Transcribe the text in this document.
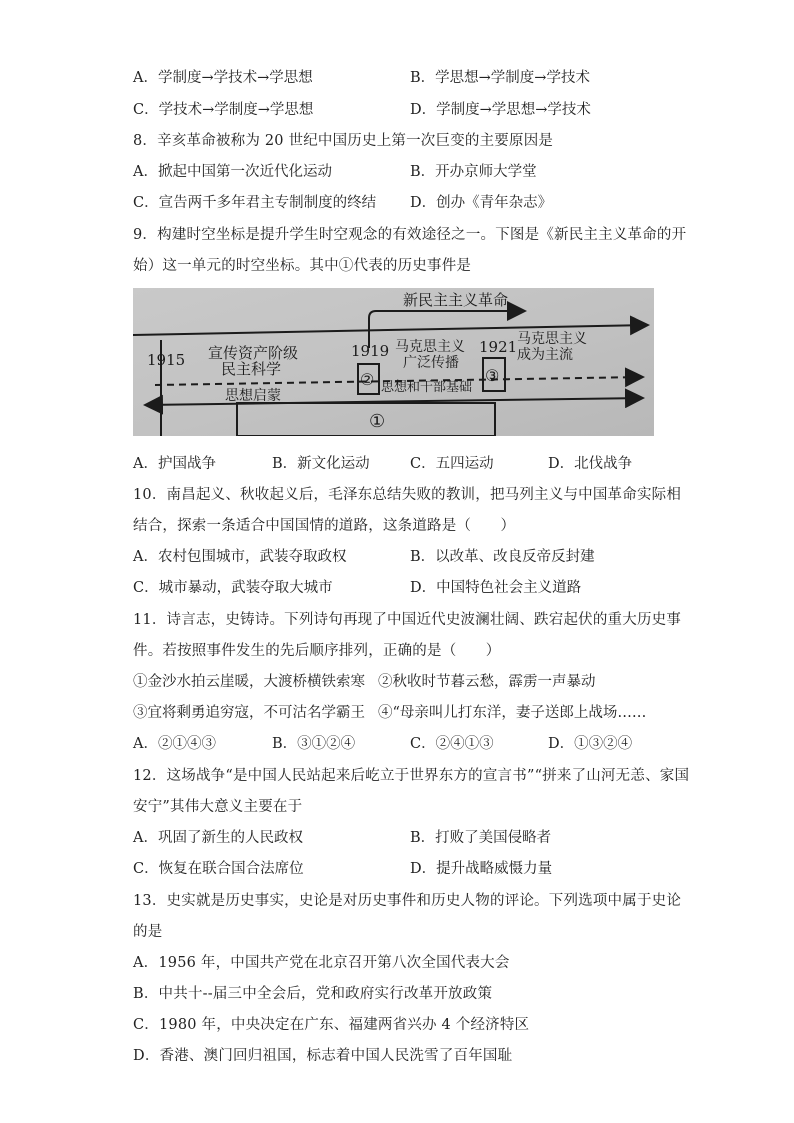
A．学制度→学技术→学思想	B．学思想→学制度→学技术
C．学技术→学制度→学思想	D．学制度→学思想→学技术
8．辛亥革命被称为 20 世纪中国历史上第一次巨变的主要原因是
A．掀起中国第一次近代化运动	B．开办京师大学堂
C．宣告两千多年君主专制制度的终结 D．创办《青年杂志》
9．构建时空坐标是提升学生时空观念的有效途径之一。下图是《新民主主义革命的开
始）这一单元的时空坐标。其中①代表的历史事件是
新民主主义革命
1915 宣传资产阶级
民主科学
1919 马克思主义
广泛传播
1921 马克思主义
成为主流
②	③
思想和干部基础
思想启蒙
①
A．护国战争	B．新文化运动	C．五四运动	D．北伐战争
10．南昌起义、秋收起义后，毛泽东总结失败的教训，把马列主义与中国革命实际相
结合，探索一条适合中国国情的道路，这条道路是（　　）
A．农村包围城市，武装夺取政权	B．以改革、改良反帝反封建
C．城市暴动，武装夺取大城市	D．中国特色社会主义道路
11．诗言志，史铸诗。下列诗句再现了中国近代史波澜壮阔、跌宕起伏的重大历史事
件。若按照事件发生的先后顺序排列，正确的是（　　）
①金沙水拍云崖暖，大渡桥横铁索寒 ②秋收时节暮云愁，霹雳一声暴动
③宜将剩勇追穷寇，不可沽名学霸王 ④“母亲叫儿打东洋，妻子送郎上战场……
A．②①④③	B．③①②④	C．②④①③	D．①③②④
12．这场战争“是中国人民站起来后屹立于世界东方的宣言书”“拼来了山河无恙、家国
安宁”其伟大意义主要在于
A．巩固了新生的人民政权	B．打败了美国侵略者
C．恢复在联合国合法席位	D．提升战略威慑力量
13．史实就是历史事实，史论是对历史事件和历史人物的评论。下列选项中属于史论
的是
A．1956 年，中国共产党在北京召开第八次全国代表大会
B．中共十--届三中全会后，党和政府实行改革开放政策
C．1980 年，中央决定在广东、福建两省兴办 4 个经济特区
D．香港、澳门回归祖国，标志着中国人民洗雪了百年国耻
